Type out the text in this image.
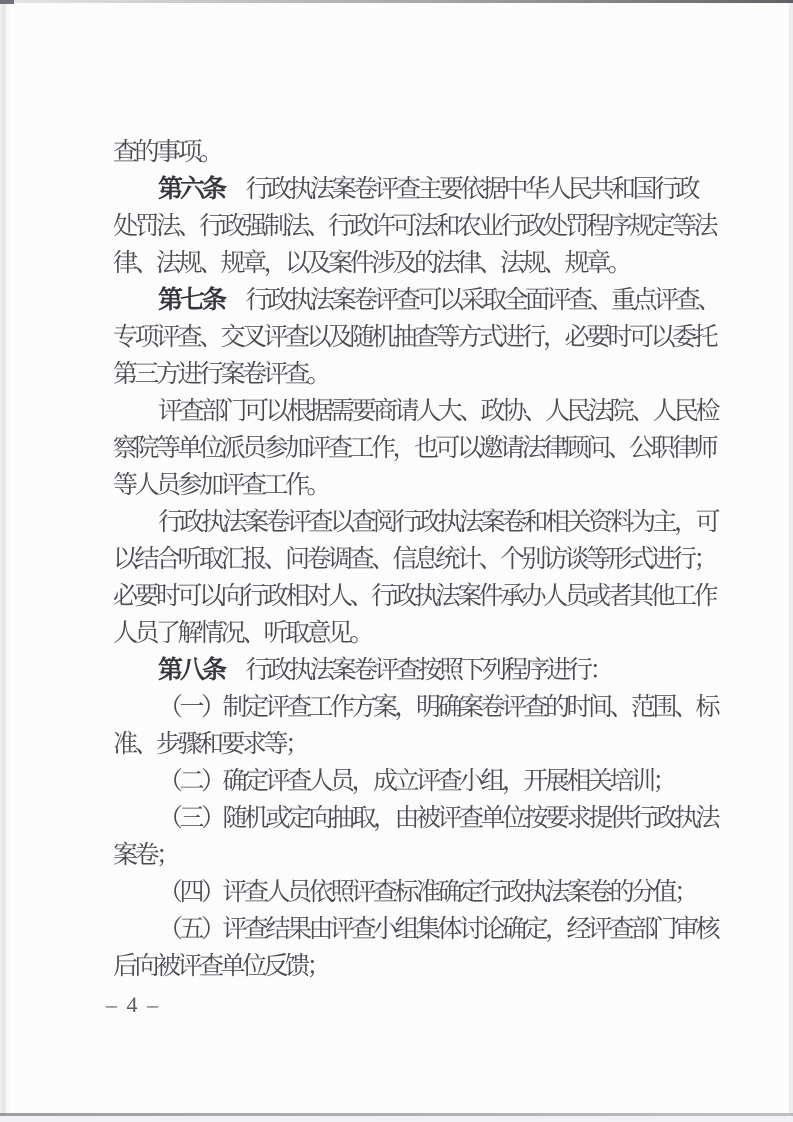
查的事项。
第六条　行政执法案卷评查主要依据中华人民共和国行政
处罚法、行政强制法、行政许可法和农业行政处罚程序规定等法
律、法规、规章，以及案件涉及的法律、法规、规章。
第七条　行政执法案卷评查可以采取全面评查、重点评查、
专项评查、交叉评查以及随机抽查等方式进行，必要时可以委托
第三方进行案卷评查。
评查部门可以根据需要商请人大、政协、人民法院、人民检
察院等单位派员参加评查工作，也可以邀请法律顾问、公职律师
等人员参加评查工作。
行政执法案卷评查以查阅行政执法案卷和相关资料为主，可
以结合听取汇报、问卷调查、信息统计、个别访谈等形式进行；
必要时可以向行政相对人、行政执法案件承办人员或者其他工作
人员了解情况、听取意见。
第八条　行政执法案卷评查按照下列程序进行：
（一）制定评查工作方案，明确案卷评查的时间、范围、标
准、步骤和要求等；
（二）确定评查人员，成立评查小组，开展相关培训；
（三）随机或定向抽取，由被评查单位按要求提供行政执法
案卷；
（四）评查人员依照评查标准确定行政执法案卷的分值；
（五）评查结果由评查小组集体讨论确定，经评查部门审核
后向被评查单位反馈；
– 4 –
